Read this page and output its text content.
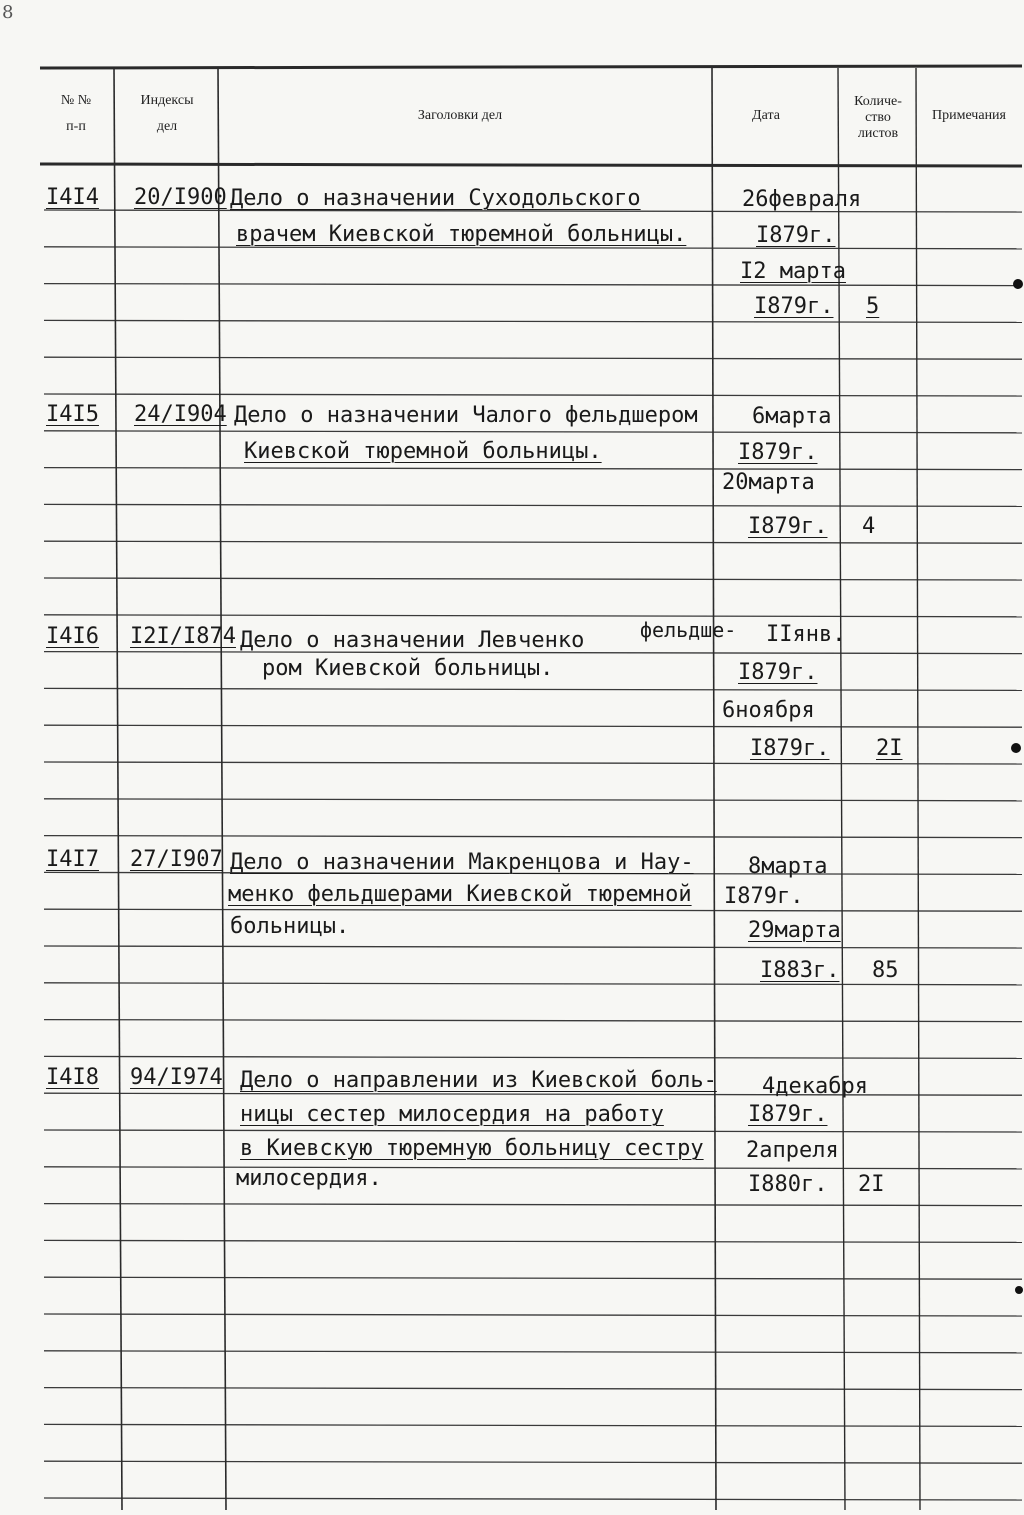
8
№ №
п-п
Индексы
дел
Заголовки дел	Дата
Количе-
ство
листов
Примечания
I4I4 20/I900 Дело о назначении Суходольского
врачем Киевской тюремной больницы.
26февраля
I879г.
I2 марта
I879г. 5
I4I5 24/I904 Дело о назначении Чалого фельдшером
Киевской тюремной больницы.
6марта
I879г.
20марта
I879г. 4
I4I6 I2I/I874 Дело о назначении Левченко	фельдше-
ром Киевской больницы.
IIянв.
I879г.
6ноября
I879г. 2I
I4I7 27/I907 Дело о назначении Макренцова и Нау-
менко фельдшерами Киевской тюремной
больницы.
8марта
I879г.
29марта
I883г. 85
I4I8 94/I974 Дело о направлении из Киевской боль-
ницы сестер милосердия на работу
в Киевскую тюремную больницу сестру
милосердия.
4декабря
I879г.
2апреля
I880г. 2I
